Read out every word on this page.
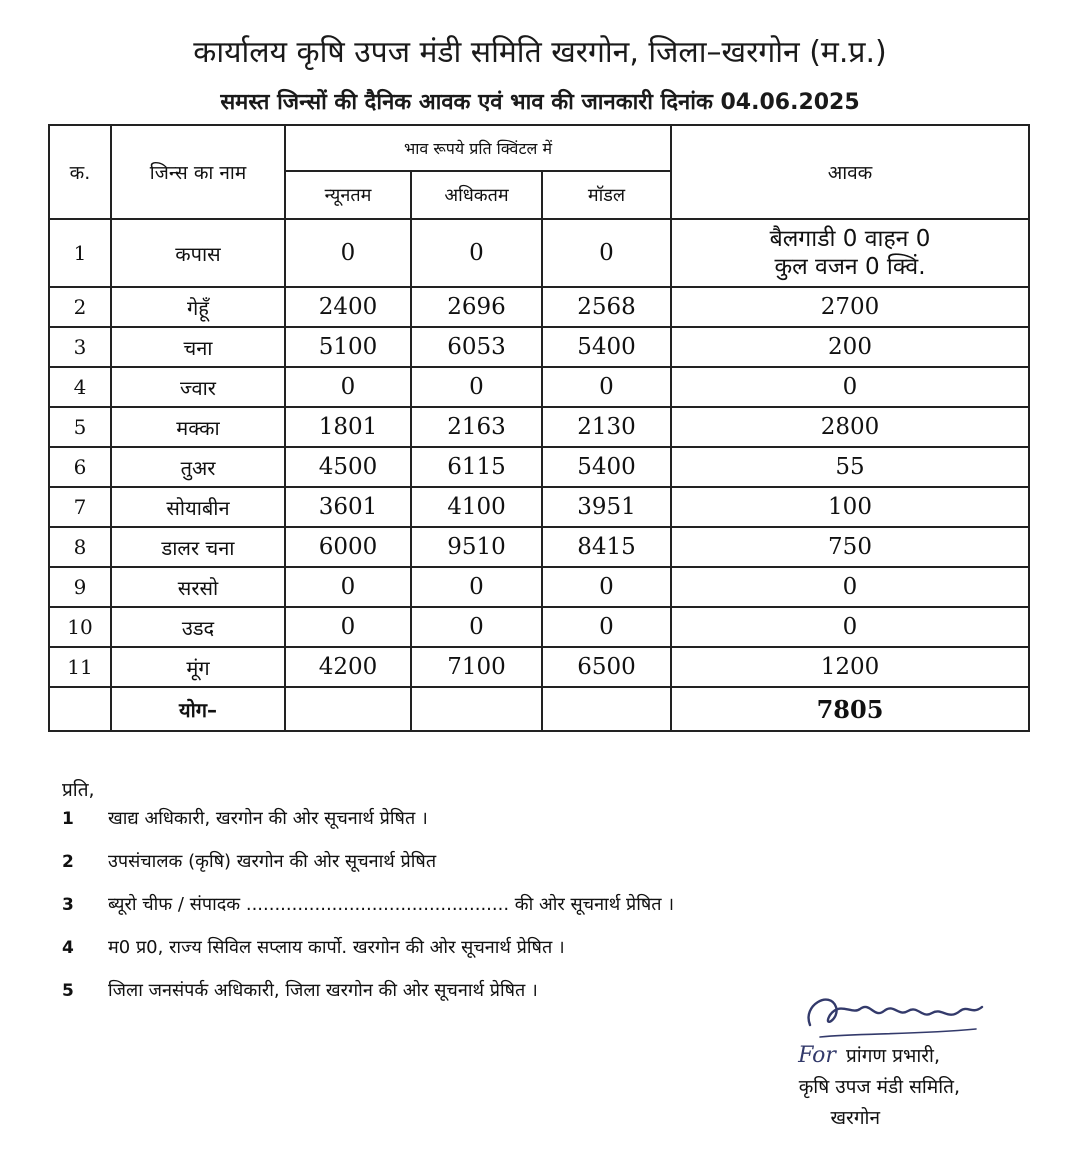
कार्यालय कृषि उपज मंडी समिति खरगोन, जिला–खरगोन (म.प्र.)
समस्त जिन्सों की दैनिक आवक एवं भाव की जानकारी दिनांक 04.06.2025
क.	जिन्स का नाम	भाव रूपये प्रति क्विंटल में			आवक
		न्यूनतम	अधिकतम	मॉडल	
1	कपास	0	0	0	बैलगाडी 0 वाहन 0
कुल वजन 0 क्विं.

2	गेहूँ	2400	2696	2568	2700
3	चना	5100	6053	5400	200
4	ज्वार	0	0	0	0
5	मक्का	1801	2163	2130	2800
6	तुअर	4500	6115	5400	55
7	सोयाबीन	3601	4100	3951	100
8	डालर चना	6000	9510	8415	750
9	सरसो	0	0	0	0
10	उडद	0	0	0	0
11	मूंग	4200	7100	6500	1200
	योग–				7805
प्रति,
1	खाद्य अधिकारी, खरगोन की ओर सूचनार्थ प्रेषित ।
2	उपसंचालक (कृषि) खरगोन की ओर सूचनार्थ प्रेषित
3	ब्यूरो चीफ / संपादक .............................................. की ओर सूचनार्थ प्रेषित ।
4	म0 प्र0, राज्य सिविल सप्लाय कार्पो. खरगोन की ओर सूचनार्थ प्रेषित ।
5	जिला जनसंपर्क अधिकारी, जिला खरगोन की ओर सूचनार्थ प्रेषित ।
For प्रांगण प्रभारी,
कृषि उपज मंडी समिति,
खरगोन
